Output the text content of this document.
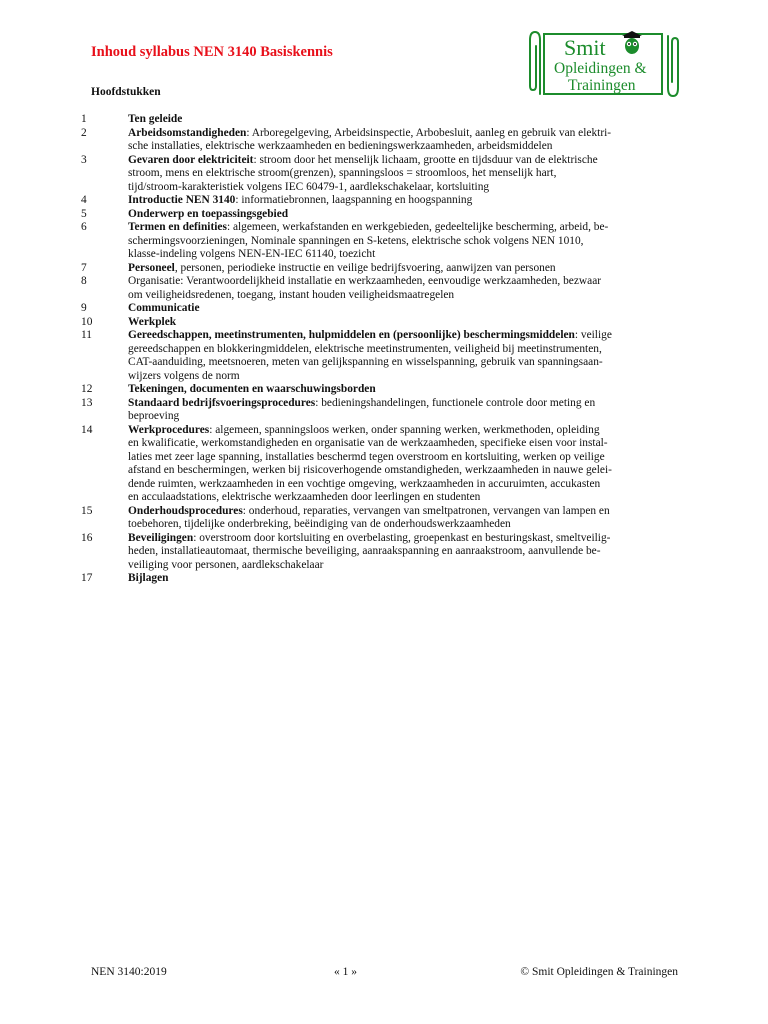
Inhoud syllabus NEN 3140 Basiskennis	Smit
Opleidingen &
Trainingen
Hoofdstukken
1	Ten geleide
2	Arbeidsomstandigheden: Arboregelgeving, Arbeidsinspectie, Arbobesluit, aanleg en gebruik van elektri-
sche installaties, elektrische werkzaamheden en bedieningswerkzaamheden, arbeidsmiddelen
3	Gevaren door elektriciteit: stroom door het menselijk lichaam, grootte en tijdsduur van de elektrische
stroom, mens en elektrische stroom(grenzen), spanningsloos = stroomloos, het menselijk hart,
tijd/stroom-karakteristiek volgens IEC 60479-1, aardlekschakelaar, kortsluiting
4	Introductie NEN 3140: informatiebronnen, laagspanning en hoogspanning
5	Onderwerp en toepassingsgebied
6	Termen en definities: algemeen, werkafstanden en werkgebieden, gedeeltelijke bescherming, arbeid, be-
schermingsvoorzieningen, Nominale spanningen en S-ketens, elektrische schok volgens NEN 1010,
klasse-indeling volgens NEN-EN-IEC 61140, toezicht
7	Personeel, personen, periodieke instructie en veilige bedrijfsvoering, aanwijzen van personen
8	Organisatie: Verantwoordelijkheid installatie en werkzaamheden, eenvoudige werkzaamheden, bezwaar
om veiligheidsredenen, toegang, instant houden veiligheidsmaatregelen
9	Communicatie
10	Werkplek
11	Gereedschappen, meetinstrumenten, hulpmiddelen en (persoonlijke) beschermingsmiddelen: veilige
gereedschappen en blokkeringmiddelen, elektrische meetinstrumenten, veiligheid bij meetinstrumenten,
CAT-aanduiding, meetsnoeren, meten van gelijkspanning en wisselspanning, gebruik van spanningsaan-
wijzers volgens de norm
12	Tekeningen, documenten en waarschuwingsborden
13	Standaard bedrijfsvoeringsprocedures: bedieningshandelingen, functionele controle door meting en
beproeving
14	Werkprocedures: algemeen, spanningsloos werken, onder spanning werken, werkmethoden, opleiding
en kwalificatie, werkomstandigheden en organisatie van de werkzaamheden, specifieke eisen voor instal-
laties met zeer lage spanning, installaties beschermd tegen overstroom en kortsluiting, werken op veilige
afstand en beschermingen, werken bij risicoverhogende omstandigheden, werkzaamheden in nauwe gelei-
dende ruimten, werkzaamheden in een vochtige omgeving, werkzaamheden in accuruimten, accukasten
en acculaadstations, elektrische werkzaamheden door leerlingen en studenten
15	Onderhoudsprocedures: onderhoud, reparaties, vervangen van smeltpatronen, vervangen van lampen en
toebehoren, tijdelijke onderbreking, beëindiging van de onderhoudswerkzaamheden
16	Beveiligingen: overstroom door kortsluiting en overbelasting, groepenkast en besturingskast, smeltveilig-
heden, installatieautomaat, thermische beveiliging, aanraakspanning en aanraakstroom, aanvullende be-
veiliging voor personen, aardlekschakelaar
17	Bijlagen
NEN 3140:2019	« 1 »	© Smit Opleidingen & Trainingen
